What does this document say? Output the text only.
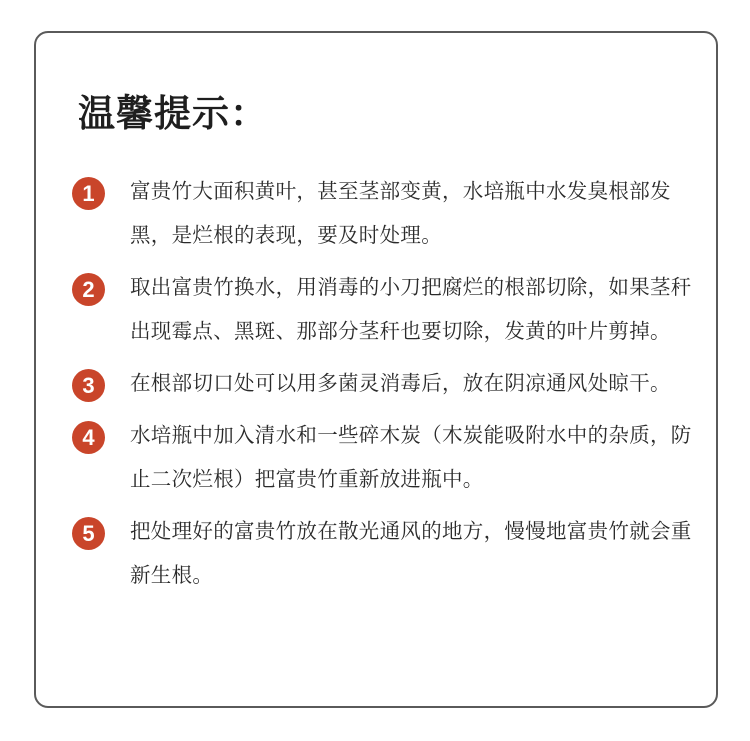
温馨提示：
1	富贵竹大面积黄叶，甚至茎部变黄，水培瓶中水发臭根部发黑，是烂根的表现，要及时处理。
2	取出富贵竹换水，用消毒的小刀把腐烂的根部切除，如果茎秆出现霉点、黑斑、那部分茎秆也要切除，发黄的叶片剪掉。
3	在根部切口处可以用多菌灵消毒后，放在阴凉通风处晾干。
4	水培瓶中加入清水和一些碎木炭（木炭能吸附水中的杂质，防止二次烂根）把富贵竹重新放进瓶中。
5	把处理好的富贵竹放在散光通风的地方，慢慢地富贵竹就会重新生根。
